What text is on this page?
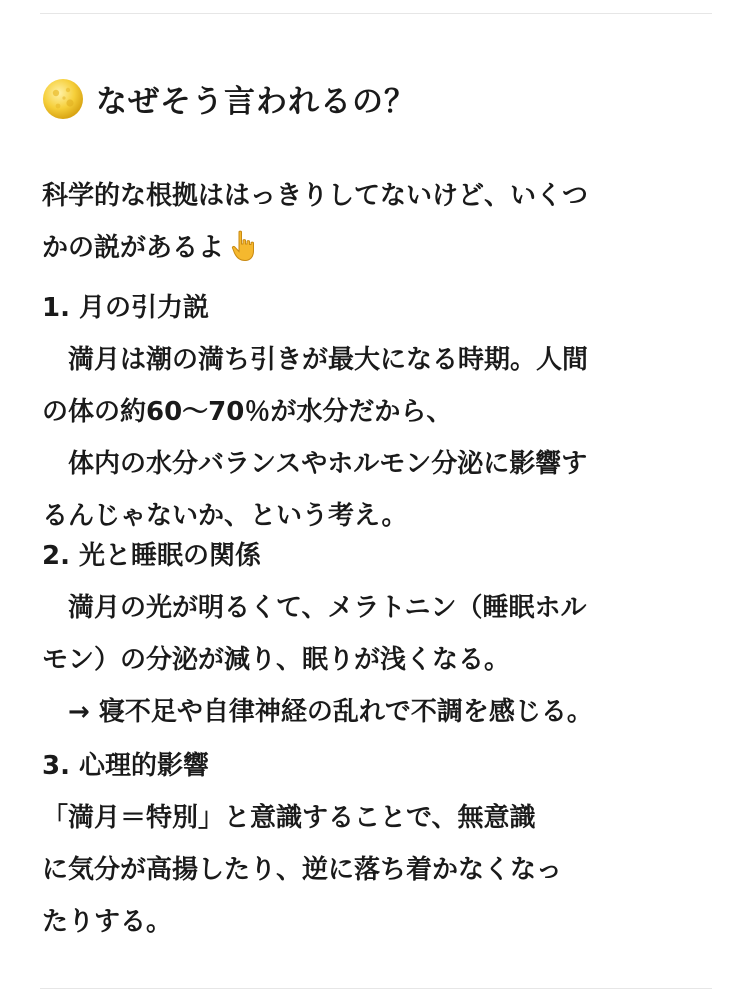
なぜそう言われるの？

科学的な根拠ははっきりしてないけど、いくつ

かの説があるよ

1. 月の引力説

　満月は潮の満ち引きが最大になる時期。人間

の体の約60〜70％が水分だから、

　体内の水分バランスやホルモン分泌に影響す

るんじゃないか、という考え。

2. 光と睡眠の関係

　満月の光が明るくて、メラトニン（睡眠ホル

モン）の分泌が減り、眠りが浅くなる。

　→ 寝不足や自律神経の乱れで不調を感じる。

3. 心理的影響

「満月＝特別」と意識することで、無意識

に気分が高揚したり、逆に落ち着かなくなっ

たりする。
